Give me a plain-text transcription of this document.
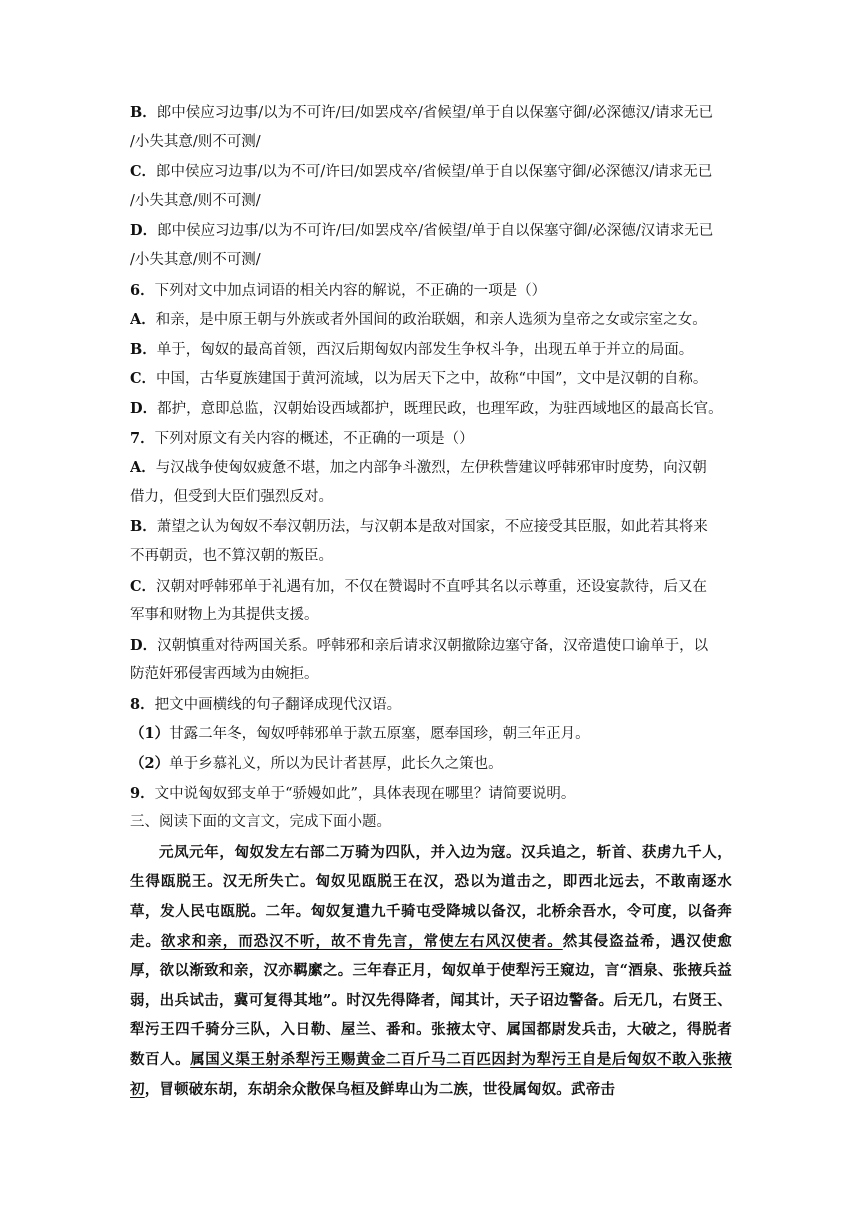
B．郎中侯应习边事/以为不可许/曰/如罢戍卒/省候望/单于自以保塞守御/必深德汉/请求无已
/小失其意/则不可测/
C．郎中侯应习边事/以为不可/许曰/如罢戍卒/省候望/单于自以保塞守御/必深德汉/请求无已
/小失其意/则不可测/
D．郎中侯应习边事/以为不可许/曰/如罢戍卒/省候望/单于自以保塞守御/必深德/汉请求无已
/小失其意/则不可测/
6．下列对文中加点词语的相关内容的解说，不正确的一项是（）
A．和亲，是中原王朝与外族或者外国间的政治联姻，和亲人选须为皇帝之女或宗室之女。
B．单于，匈奴的最高首领，西汉后期匈奴内部发生争权斗争，出现五单于并立的局面。
C．中国，古华夏族建国于黄河流域，以为居天下之中，故称“中国”，文中是汉朝的自称。
D．都护，意即总监，汉朝始设西域都护，既理民政，也理军政，为驻西域地区的最高长官。
7．下列对原文有关内容的概述，不正确的一项是（）
A．与汉战争使匈奴疲惫不堪，加之内部争斗激烈，左伊秩訾建议呼韩邪审时度势，向汉朝
借力，但受到大臣们强烈反对。
B．萧望之认为匈奴不奉汉朝历法，与汉朝本是敌对国家，不应接受其臣服，如此若其将来
不再朝贡，也不算汉朝的叛臣。
C．汉朝对呼韩邪单于礼遇有加，不仅在赞谒时不直呼其名以示尊重，还设宴款待，后又在
军事和财物上为其提供支援。
D．汉朝慎重对待两国关系。呼韩邪和亲后请求汉朝撤除边塞守备，汉帝遣使口谕单于，以
防范奸邪侵害西域为由婉拒。
8．把文中画横线的句子翻译成现代汉语。
（1）甘露二年冬，匈奴呼韩邪单于款五原塞，愿奉国珍，朝三年正月。
（2）单于乡慕礼义，所以为民计者甚厚，此长久之策也。
9．文中说匈奴郅支单于“骄嫚如此”，具体表现在哪里？请简要说明。
三、阅读下面的文言文，完成下面小题。
元凤元年，匈奴发左右部二万骑为四队，并入边为寇。汉兵追之，斩首、获虏九千人，生得瓯脱王。汉无所失亡。匈奴见瓯脱王在汉，恐以为道击之，即西北远去，不敢南逐水草，发人民屯瓯脱。二年。匈奴复遣九千骑屯受降城以备汉，北桥余吾水，令可度，以备奔走。欲求和亲，而恐汉不听，故不肯先言，常使左右风汉使者。然其侵盗益希，遇汉使愈厚，欲以渐致和亲，汉亦羁縻之。三年春正月，匈奴单于使犁污王窥边，言“酒泉、张掖兵益弱，出兵试击，冀可复得其地”。时汉先得降者，闻其计，天子诏边警备。后无几，右贤王、犁污王四千骑分三队，入日勒、屋兰、番和。张掖太守、属国都尉发兵击，大破之，得脱者数百人。属国义渠王射杀犁污王赐黄金二百斤马二百匹因封为犁污王自是后匈奴不敢入张掖初，冒顿破东胡，东胡余众散保乌桓及鲜卑山为二族，世役属匈奴。武帝击
